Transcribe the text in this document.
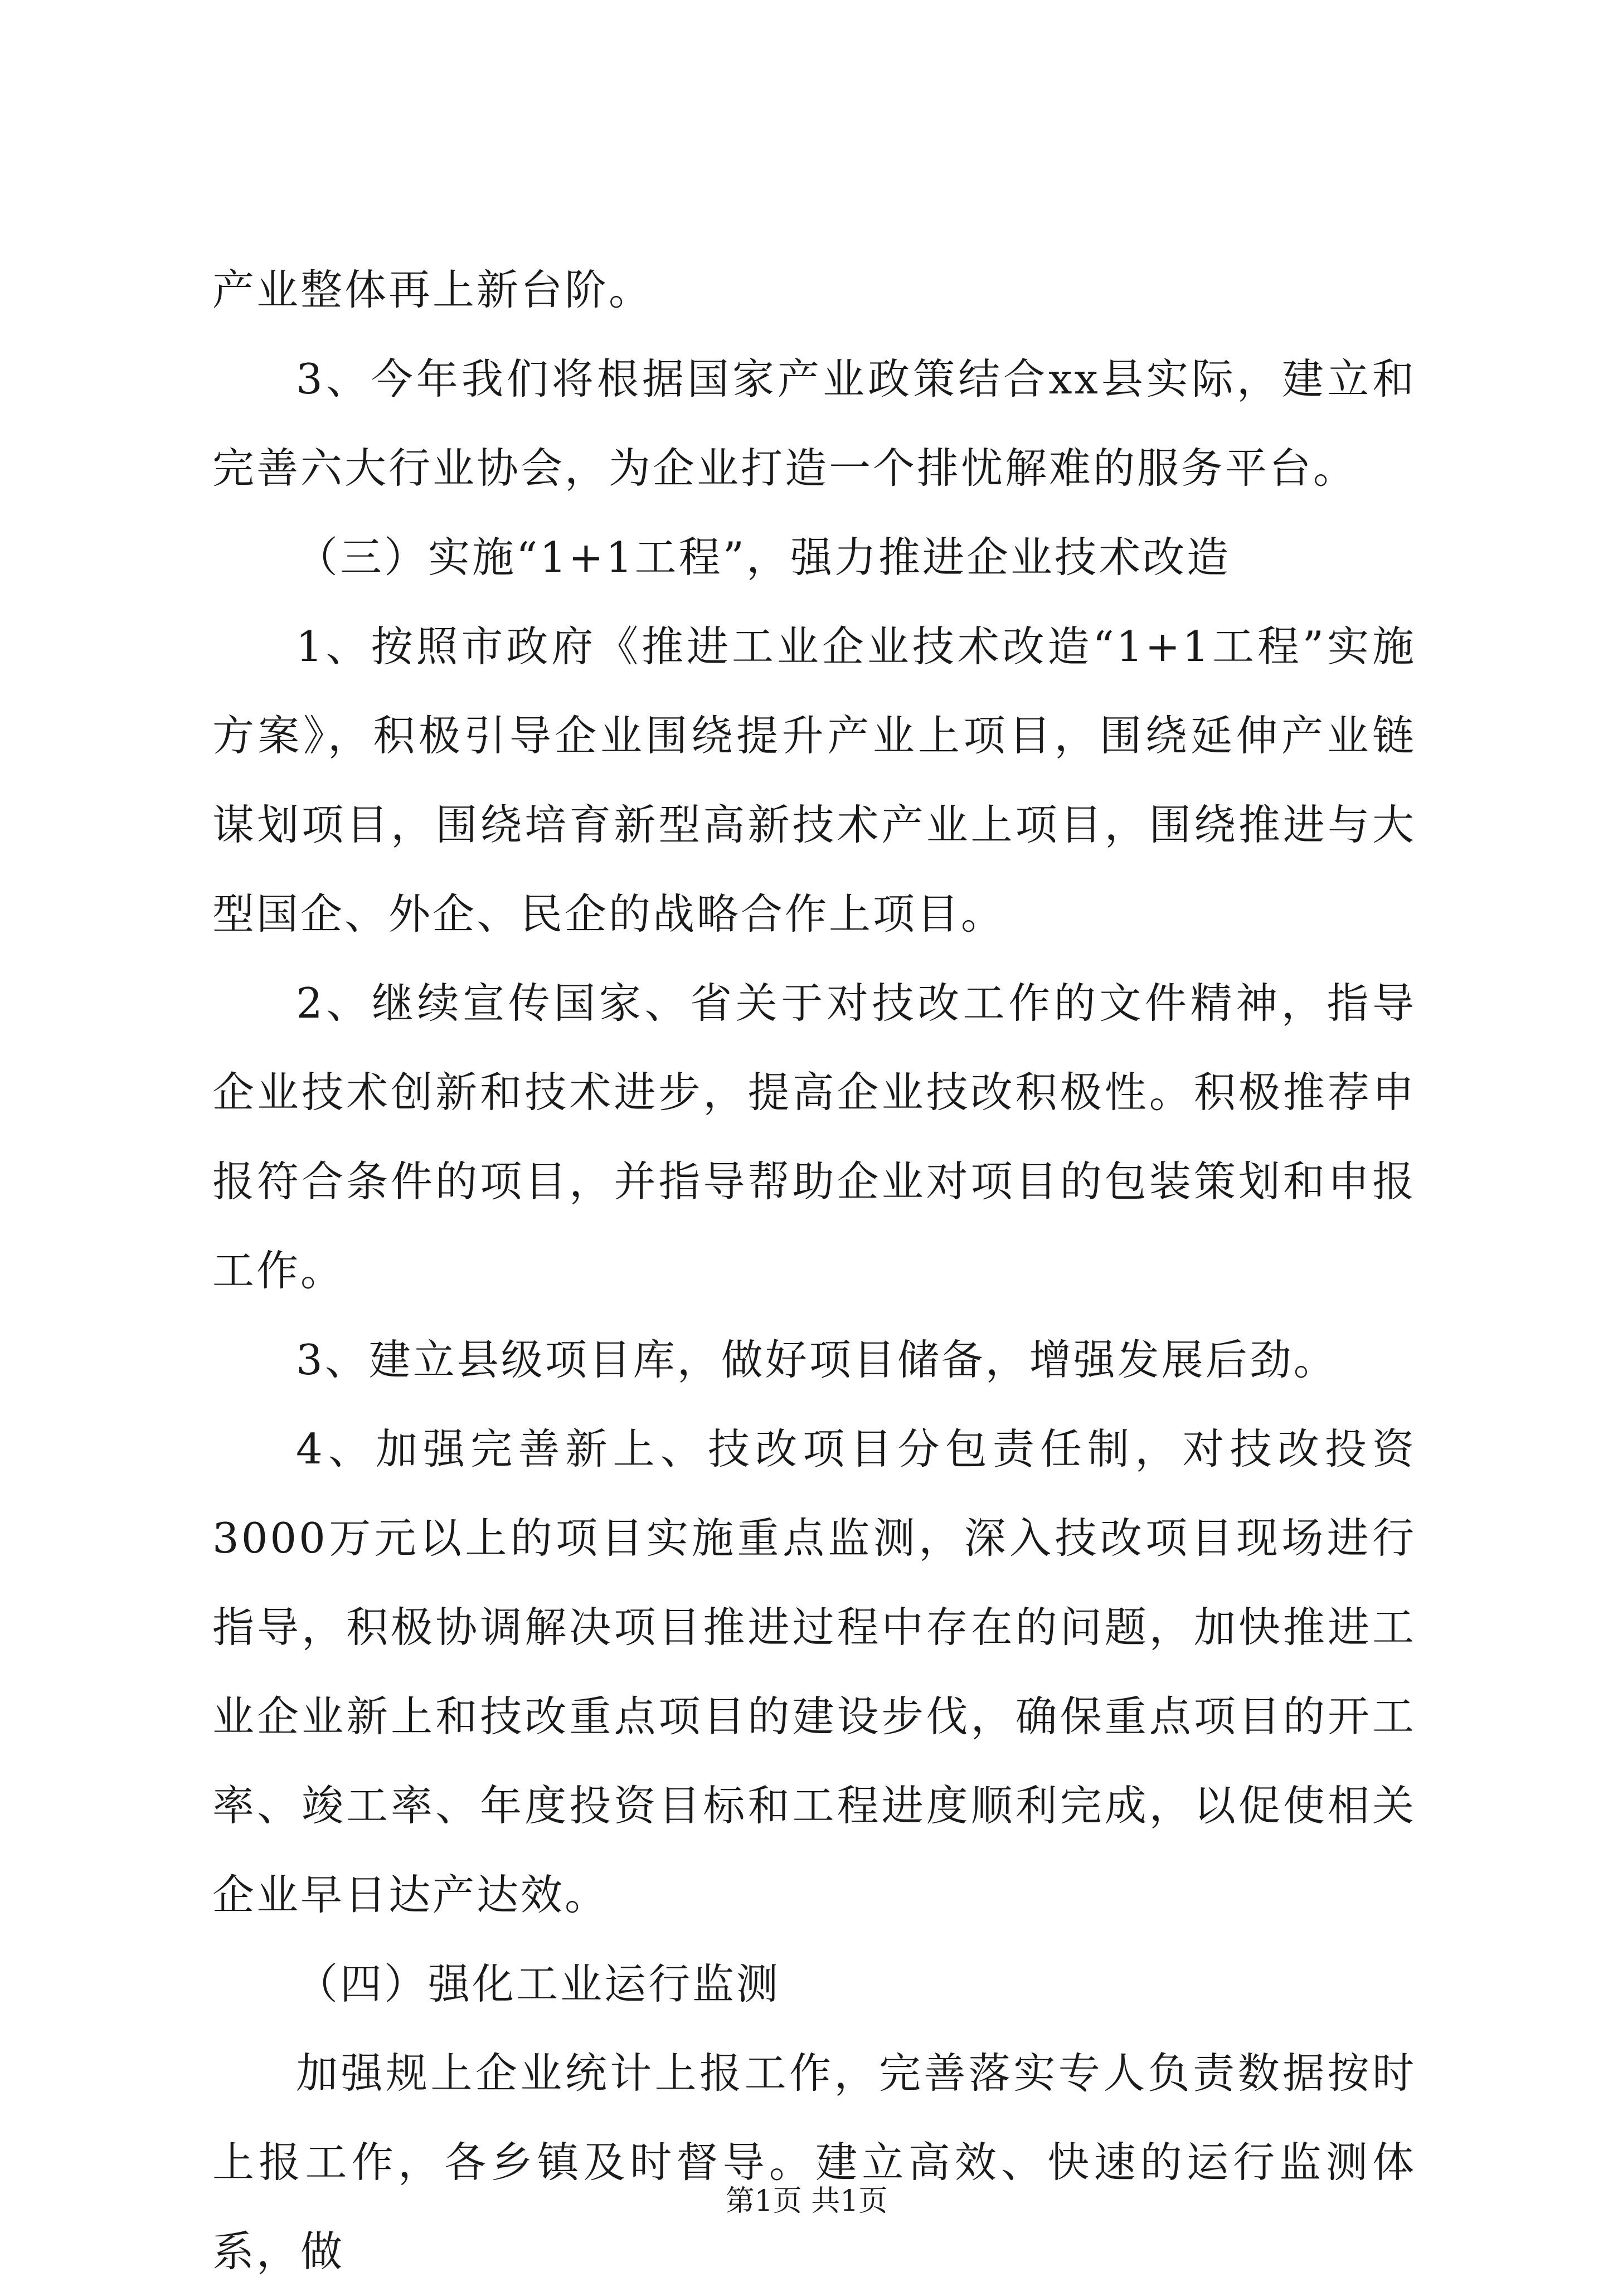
产业整体再上新台阶。

3、今年我们将根据国家产业政策结合xx县实际，建立和完善六大行业协会，为企业打造一个排忧解难的服务平台。

（三）实施“1+1工程”，强力推进企业技术改造

1、按照市政府《推进工业企业技术改造“1+1工程”实施方案》，积极引导企业围绕提升产业上项目，围绕延伸产业链谋划项目，围绕培育新型高新技术产业上项目，围绕推进与大型国企、外企、民企的战略合作上项目。

2、继续宣传国家、省关于对技改工作的文件精神，指导企业技术创新和技术进步，提高企业技改积极性。积极推荐申报符合条件的项目，并指导帮助企业对项目的包装策划和申报工作。

3、建立县级项目库，做好项目储备，增强发展后劲。

4、加强完善新上、技改项目分包责任制，对技改投资3000万元以上的项目实施重点监测，深入技改项目现场进行指导，积极协调解决项目推进过程中存在的问题，加快推进工业企业新上和技改重点项目的建设步伐，确保重点项目的开工率、竣工率、年度投资目标和工程进度顺利完成，以促使相关企业早日达产达效。

（四）强化工业运行监测

加强规上企业统计上报工作，完善落实专人负责数据按时上报工作，各乡镇及时督导。建立高效、快速的运行监测体系，做

第1页 共1页
